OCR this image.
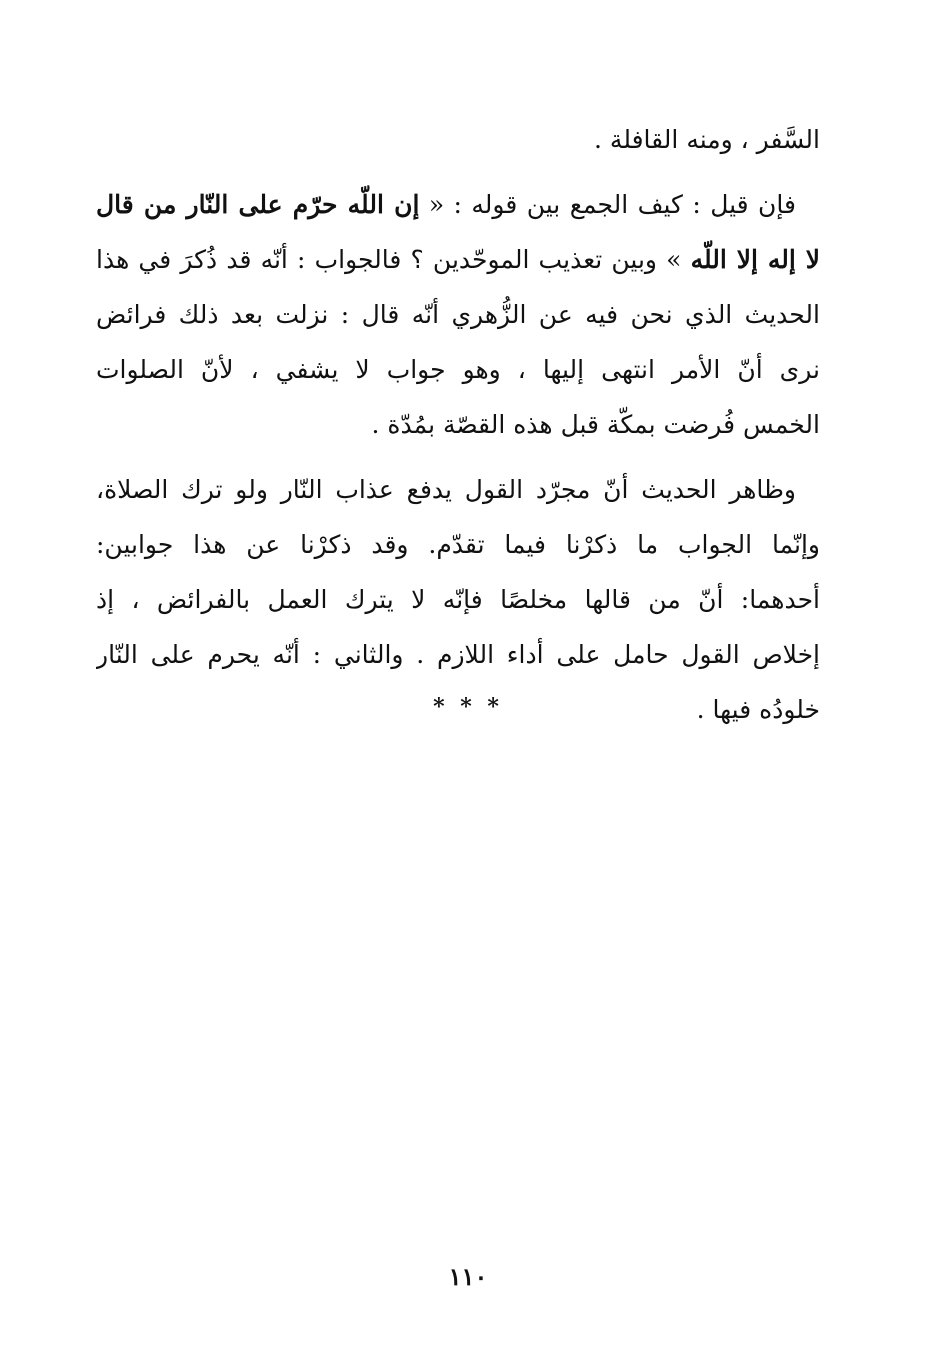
السَّفر ، ومنه القافلة .
فإن قيل : كيف الجمع بين قوله : « إن اللّه حرّم على النّار من قال
لا إله إلا اللّه » وبين تعذيب الموحّدين ؟ فالجواب : أنّه قد ذُكرَ في هذا
الحديث الذي نحن فيه عن الزُّهري أنّه قال : نزلت بعد ذلك فرائض
نرى أنّ الأمر انتهى إليها ، وهو جواب لا يشفي ، لأنّ الصلوات
الخمس فُرضت بمكّة قبل هذه القصّة بمُدّة .
وظاهر الحديث أنّ مجرّد القول يدفع عذاب النّار ولو ترك الصلاة،
وإنّما الجواب ما ذكرْنا فيما تقدّم. وقد ذكرْنا عن هذا جوابين:
أحدهما: أنّ من قالها مخلصًا فإنّه لا يترك العمل بالفرائض ، إذ
إخلاص القول حامل على أداء اللازم . والثاني : أنّه يحرم على النّار
خلودُه فيها .
* * *
١١٠
